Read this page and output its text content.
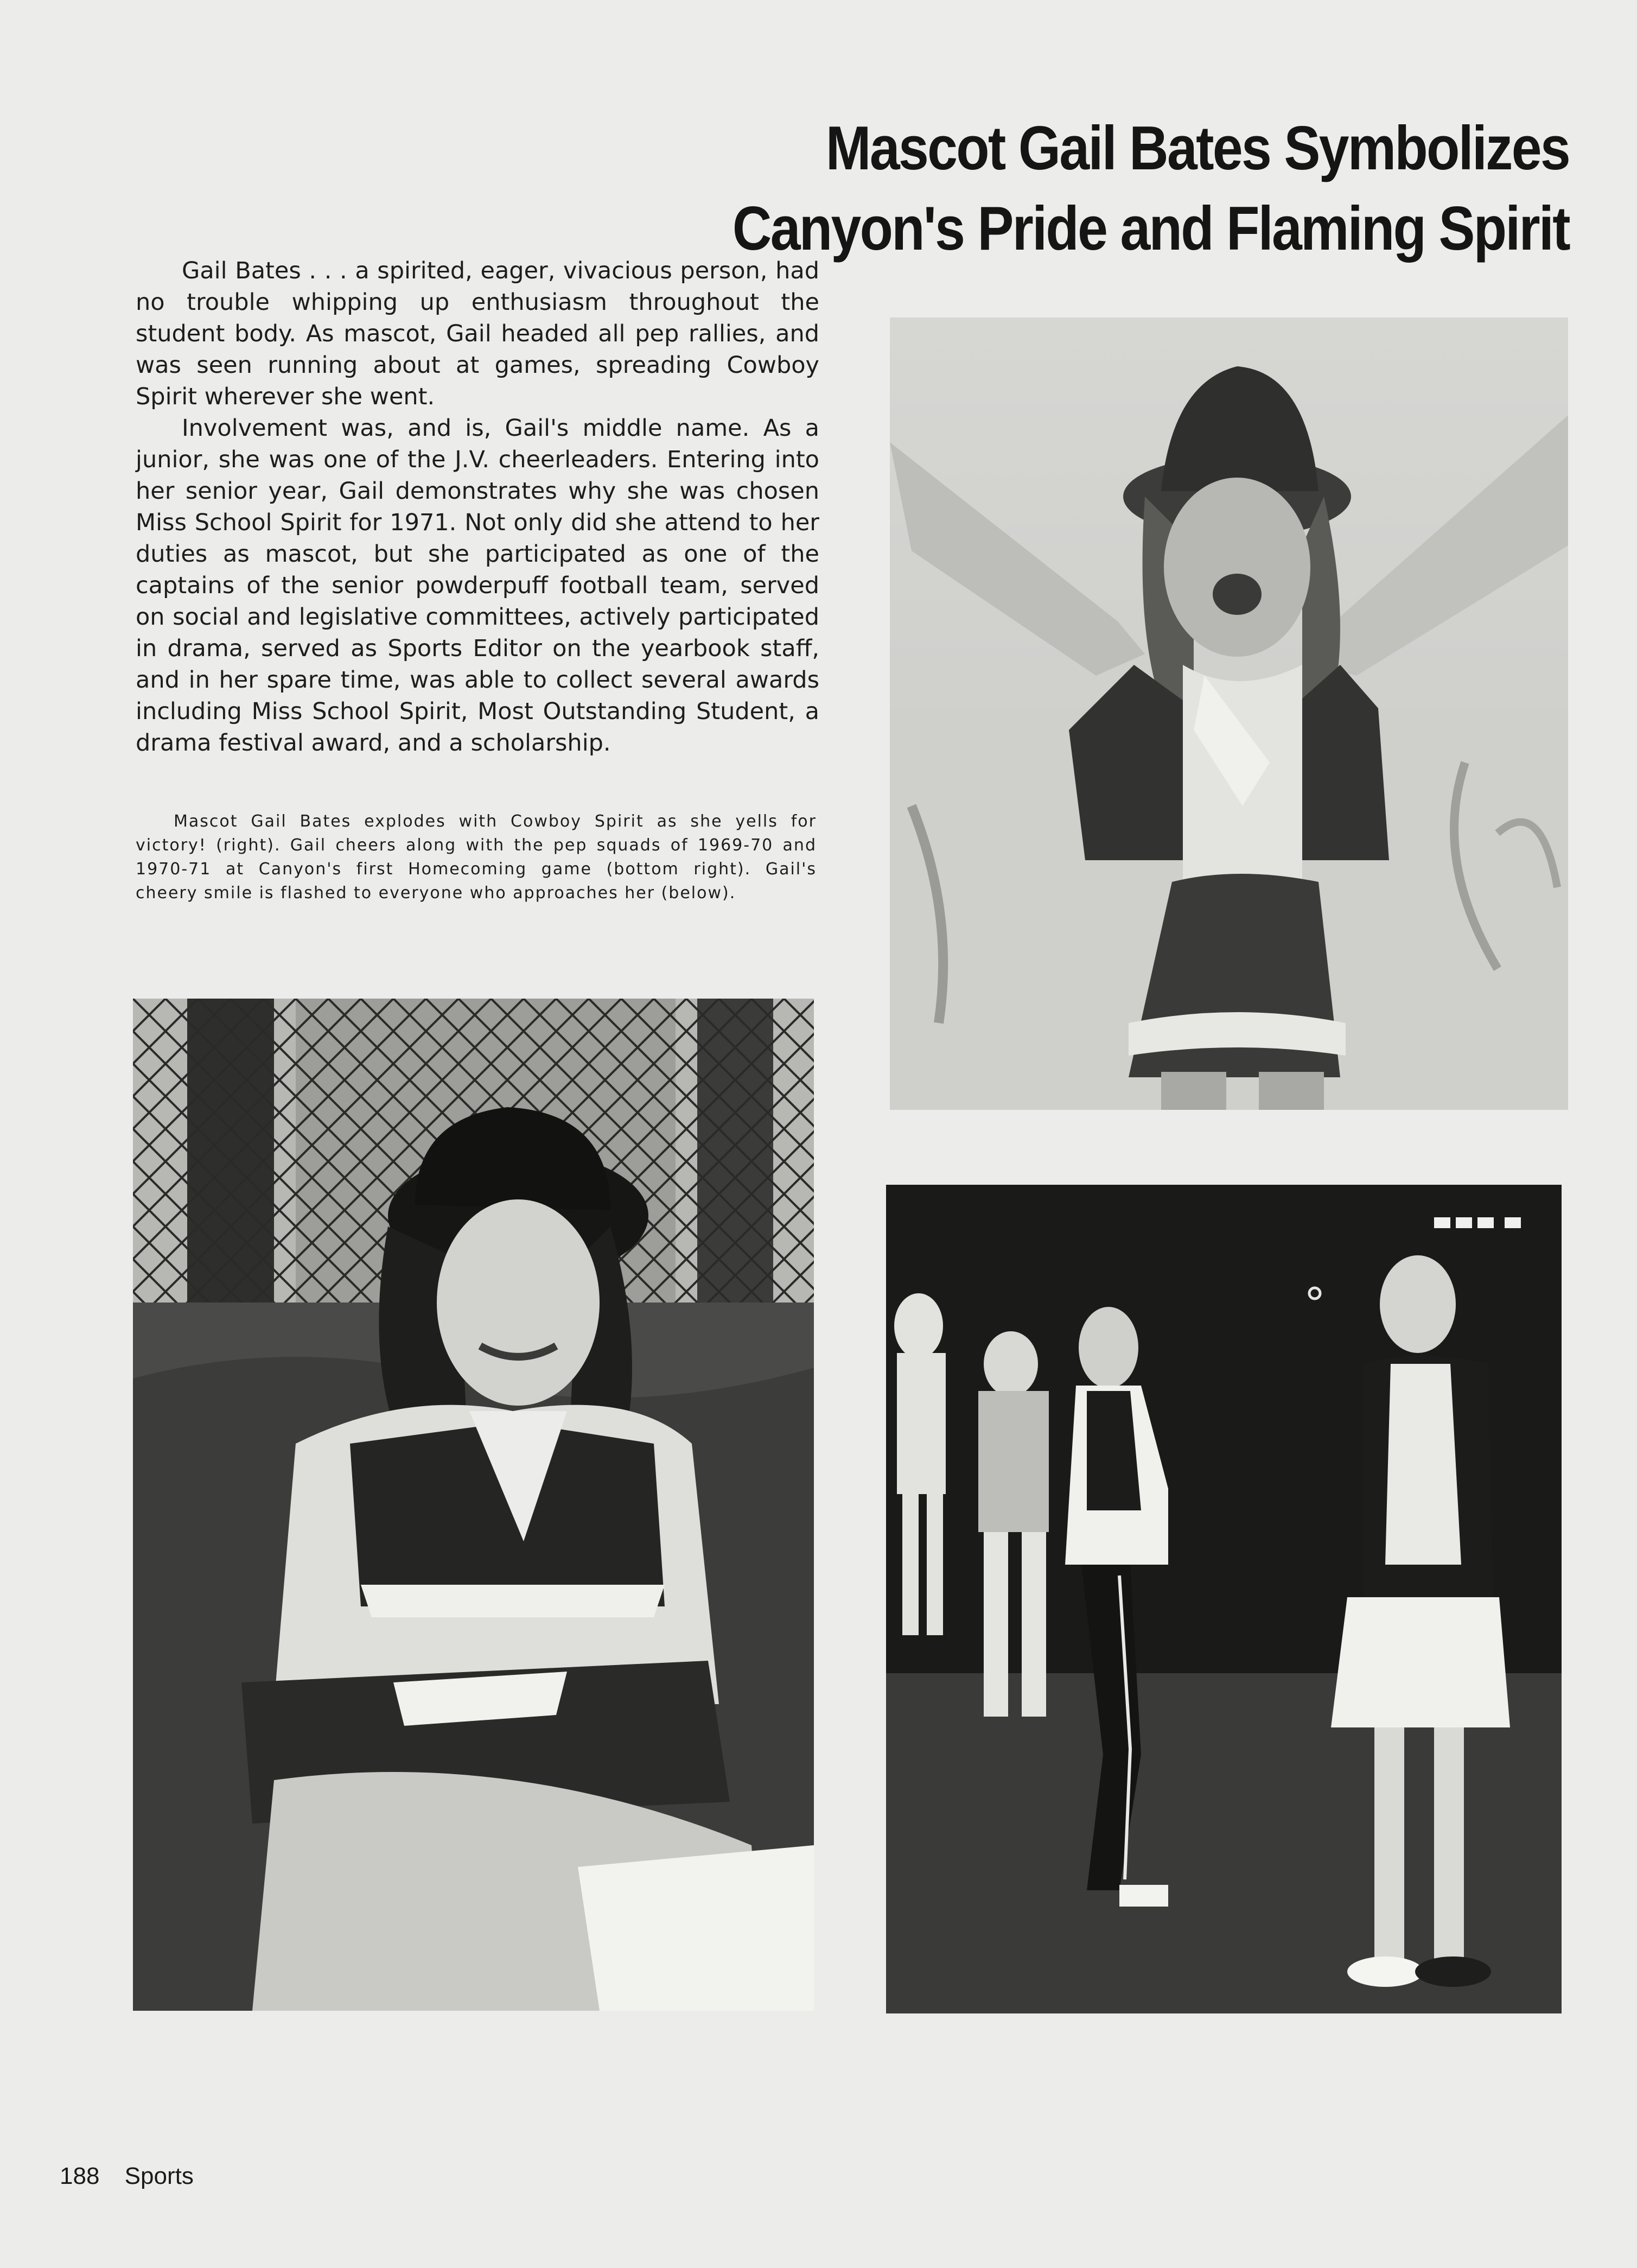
Mascot Gail Bates Symbolizes
Canyon's Pride and Flaming Spirit

Gail Bates . . . a spirited, eager, vivacious person, had no trouble whipping up enthusiasm throughout the student body. As mascot, Gail headed all pep rallies, and was seen running about at games, spreading Cowboy Spirit wherever she went.

Involvement was, and is, Gail's middle name. As a junior, she was one of the J.V. cheerleaders. Entering into her senior year, Gail demonstrates why she was chosen Miss School Spirit for 1971. Not only did she attend to her duties as mascot, but she participated as one of the captains of the senior powderpuff football team, served on social and legislative committees, actively participated in drama, served as Sports Editor on the yearbook staff, and in her spare time, was able to collect several awards including Miss School Spirit, Most Outstanding Student, a drama festival award, and a scholarship.

Mascot Gail Bates explodes with Cowboy Spirit as she yells for victory! (right). Gail cheers along with the pep squads of 1969-70 and 1970-71 at Canyon's first Homecoming game (bottom right). Gail's cheery smile is flashed to everyone who approaches her (below).

188 Sports
